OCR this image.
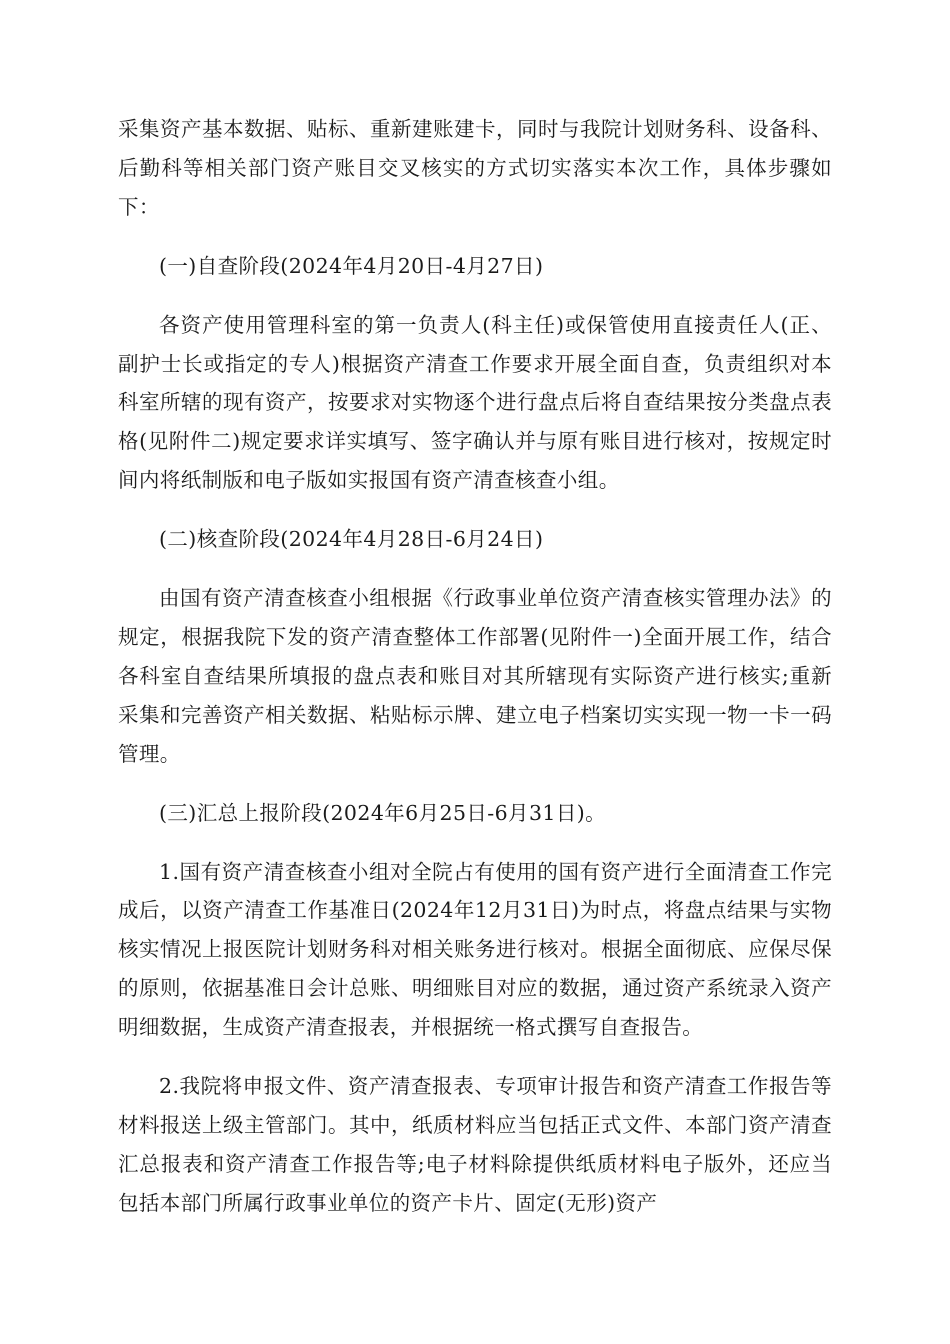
采集资产基本数据、贴标、重新建账建卡，同时与我院计划财务科、设备科、后勤科等相关部门资产账目交叉核实的方式切实落实本次工作，具体步骤如下：

(一)自查阶段(2024年4月20日-4月27日)

各资产使用管理科室的第一负责人(科主任)或保管使用直接责任人(正、副护士长或指定的专人)根据资产清查工作要求开展全面自查，负责组织对本科室所辖的现有资产，按要求对实物逐个进行盘点后将自查结果按分类盘点表格(见附件二)规定要求详实填写、签字确认并与原有账目进行核对，按规定时间内将纸制版和电子版如实报国有资产清查核查小组。

(二)核查阶段(2024年4月28日-6月24日)

由国有资产清查核查小组根据《行政事业单位资产清查核实管理办法》的规定，根据我院下发的资产清查整体工作部署(见附件一)全面开展工作，结合各科室自查结果所填报的盘点表和账目对其所辖现有实际资产进行核实;重新采集和完善资产相关数据、粘贴标示牌、建立电子档案切实实现一物一卡一码管理。

(三)汇总上报阶段(2024年6月25日-6月31日)。

1.国有资产清查核查小组对全院占有使用的国有资产进行全面清查工作完成后，以资产清查工作基准日(2024年12月31日)为时点，将盘点结果与实物核实情况上报医院计划财务科对相关账务进行核对。根据全面彻底、应保尽保的原则，依据基准日会计总账、明细账目对应的数据，通过资产系统录入资产明细数据，生成资产清查报表，并根据统一格式撰写自查报告。

2.我院将申报文件、资产清查报表、专项审计报告和资产清查工作报告等材料报送上级主管部门。其中，纸质材料应当包括正式文件、本部门资产清查汇总报表和资产清查工作报告等;电子材料除提供纸质材料电子版外，还应当包括本部门所属行政事业单位的资产卡片、固定(无形)资产
